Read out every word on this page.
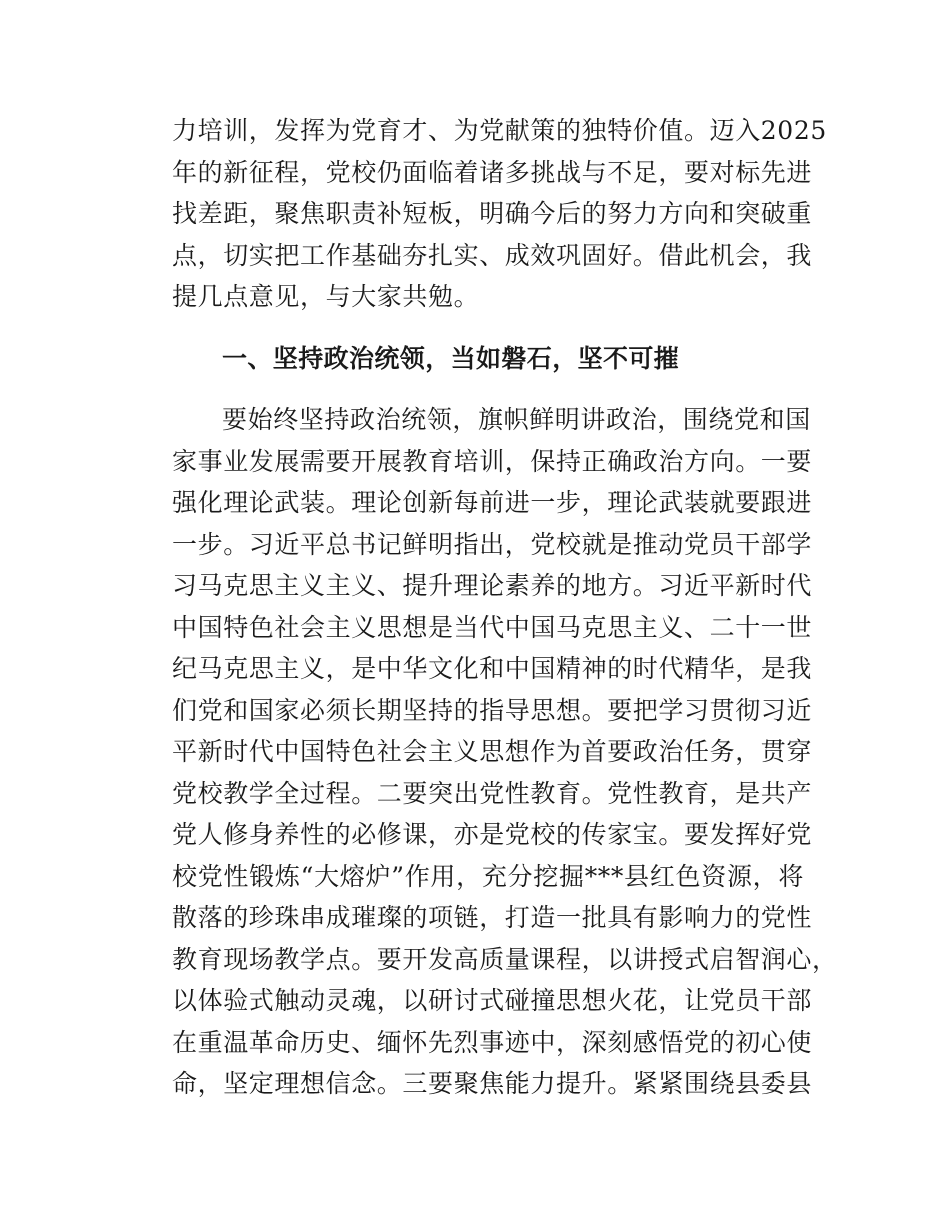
力培训，发挥为党育才、为党献策的独特价值。迈入2025
年的新征程，党校仍面临着诸多挑战与不足，要对标先进
找差距，聚焦职责补短板，明确今后的努力方向和突破重
点，切实把工作基础夯扎实、成效巩固好。借此机会，我
提几点意见，与大家共勉。
一、坚持政治统领，当如磐石，坚不可摧
要始终坚持政治统领，旗帜鲜明讲政治，围绕党和国
家事业发展需要开展教育培训，保持正确政治方向。一要
强化理论武装。理论创新每前进一步，理论武装就要跟进
一步。习近平总书记鲜明指出，党校就是推动党员干部学
习马克思主义主义、提升理论素养的地方。习近平新时代
中国特色社会主义思想是当代中国马克思主义、二十一世
纪马克思主义，是中华文化和中国精神的时代精华，是我
们党和国家必须长期坚持的指导思想。要把学习贯彻习近
平新时代中国特色社会主义思想作为首要政治任务，贯穿
党校教学全过程。二要突出党性教育。党性教育，是共产
党人修身养性的必修课，亦是党校的传家宝。要发挥好党
校党性锻炼“大熔炉”作用，充分挖掘***县红色资源，将
散落的珍珠串成璀璨的项链，打造一批具有影响力的党性
教育现场教学点。要开发高质量课程，以讲授式启智润心，
以体验式触动灵魂，以研讨式碰撞思想火花，让党员干部
在重温革命历史、缅怀先烈事迹中，深刻感悟党的初心使
命，坚定理想信念。三要聚焦能力提升。紧紧围绕县委县
